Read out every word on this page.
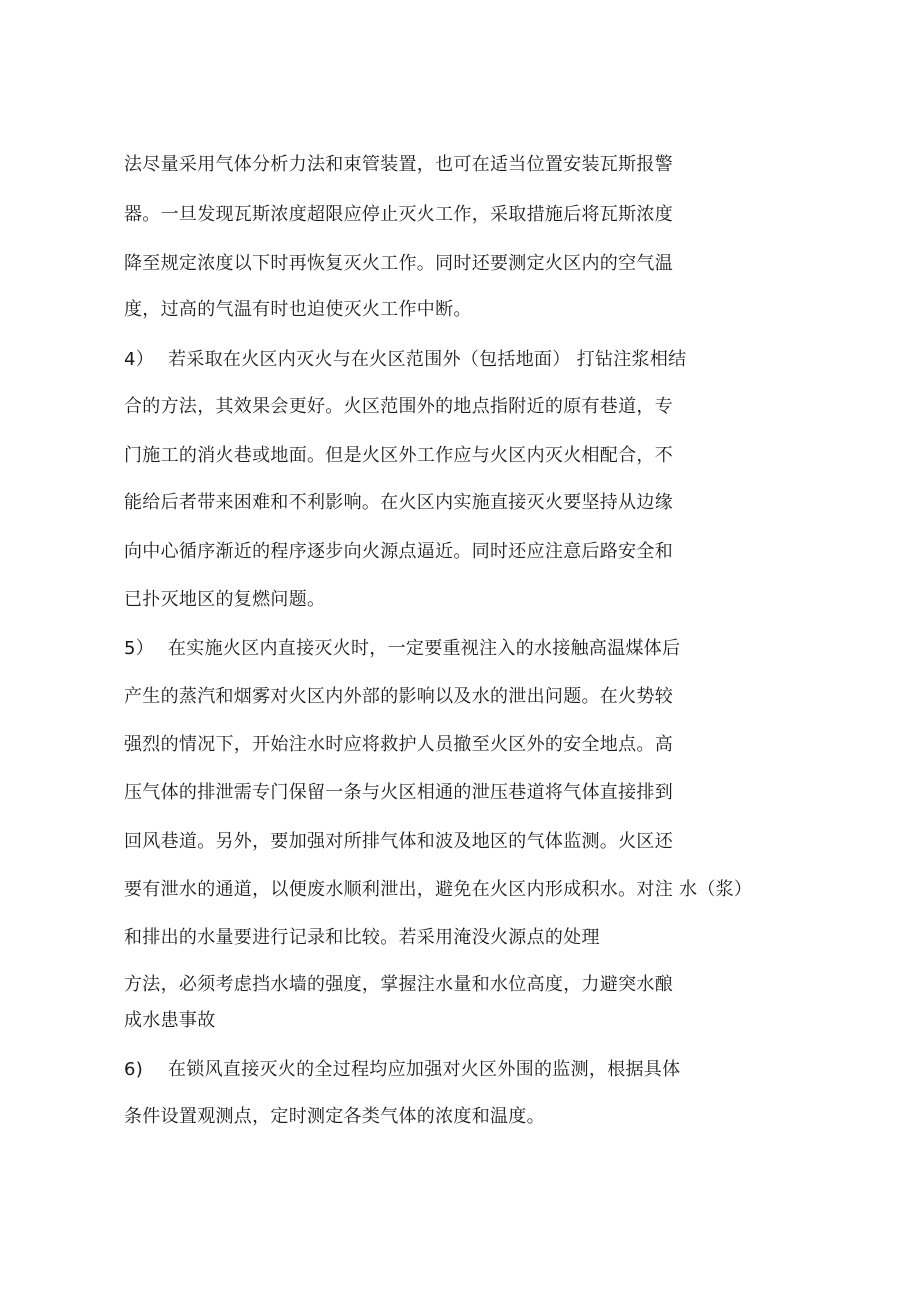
法尽量采用气体分析力法和束管装置，也可在适当位置安装瓦斯报警
器。一旦发现瓦斯浓度超限应停止灭火工作，采取措施后将瓦斯浓度
降至规定浓度以下时再恢复灭火工作。同时还要测定火区内的空气温
度，过高的气温有时也迫使灭火工作中断。
4） 若采取在火区内灭火与在火区范围外（包括地面） 打钻注浆相结
合的方法，其效果会更好。火区范围外的地点指附近的原有巷道，专
门施工的消火巷或地面。但是火区外工作应与火区内灭火相配合，不
能给后者带来困难和不利影响。在火区内实施直接灭火要坚持从边缘
向中心循序渐近的程序逐步向火源点逼近。同时还应注意后路安全和
已扑灭地区的复燃问题。
5） 在实施火区内直接灭火时，一定要重视注入的水接触高温煤体后
产生的蒸汽和烟雾对火区内外部的影响以及水的泄出问题。在火势较
强烈的情况下，开始注水时应将救护人员撤至火区外的安全地点。高
压气体的排泄需专门保留一条与火区相通的泄压巷道将气体直接排到
回风巷道。另外，要加强对所排气体和波及地区的气体监测。火区还
要有泄水的通道，以便废水顺利泄出，避免在火区内形成积水。对注 水（浆）
和排出的水量要进行记录和比较。若采用淹没火源点的处理
方法，必须考虑挡水墙的强度，掌握注水量和水位高度，力避突水酿
成水患事故
6) 在锁风直接灭火的全过程均应加强对火区外围的监测，根据具体
条件设置观测点，定时测定各类气体的浓度和温度。
